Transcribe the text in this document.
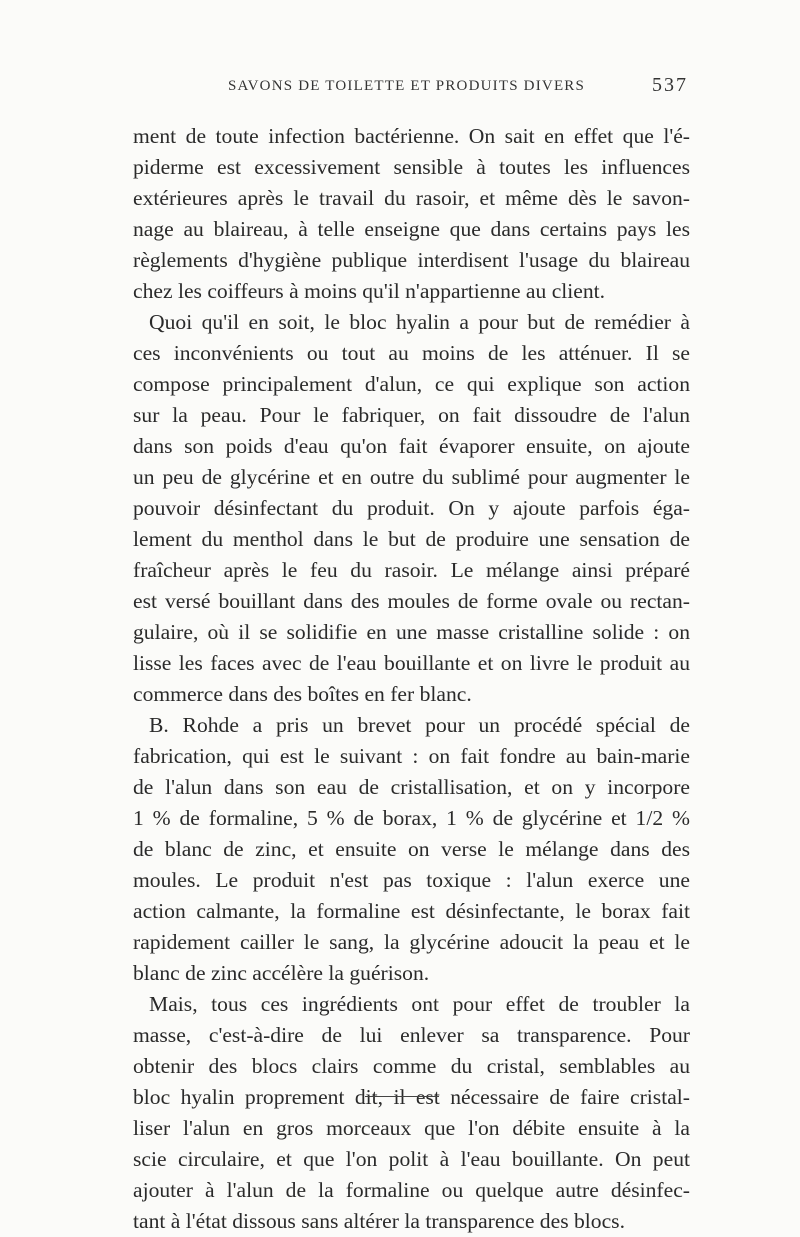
SAVONS DE TOILETTE ET PRODUITS DIVERS	537
ment de toute infection bactérienne. On sait en effet que l'é-
piderme est excessivement sensible à toutes les influences
extérieures après le travail du rasoir, et même dès le savon-
nage au blaireau, à telle enseigne que dans certains pays les
règlements d'hygiène publique interdisent l'usage du blaireau
chez les coiffeurs à moins qu'il n'appartienne au client.
Quoi qu'il en soit, le bloc hyalin a pour but de remédier à
ces inconvénients ou tout au moins de les atténuer. Il se
compose principalement d'alun, ce qui explique son action
sur la peau. Pour le fabriquer, on fait dissoudre de l'alun
dans son poids d'eau qu'on fait évaporer ensuite, on ajoute
un peu de glycérine et en outre du sublimé pour augmenter le
pouvoir désinfectant du produit. On y ajoute parfois éga-
lement du menthol dans le but de produire une sensation de
fraîcheur après le feu du rasoir. Le mélange ainsi préparé
est versé bouillant dans des moules de forme ovale ou rectan-
gulaire, où il se solidifie en une masse cristalline solide : on
lisse les faces avec de l'eau bouillante et on livre le produit au
commerce dans des boîtes en fer blanc.
B. Rohde a pris un brevet pour un procédé spécial de
fabrication, qui est le suivant : on fait fondre au bain-marie
de l'alun dans son eau de cristallisation, et on y incorpore
1 % de formaline, 5 % de borax, 1 % de glycérine et 1/2 %
de blanc de zinc, et ensuite on verse le mélange dans des
moules. Le produit n'est pas toxique : l'alun exerce une
action calmante, la formaline est désinfectante, le borax fait
rapidement cailler le sang, la glycérine adoucit la peau et le
blanc de zinc accélère la guérison.
Mais, tous ces ingrédients ont pour effet de troubler la
masse, c'est-à-dire de lui enlever sa transparence. Pour
obtenir des blocs clairs comme du cristal, semblables au
bloc hyalin proprement dit, il est nécessaire de faire cristal-
liser l'alun en gros morceaux que l'on débite ensuite à la
scie circulaire, et que l'on polit à l'eau bouillante. On peut
ajouter à l'alun de la formaline ou quelque autre désinfec-
tant à l'état dissous sans altérer la transparence des blocs.
